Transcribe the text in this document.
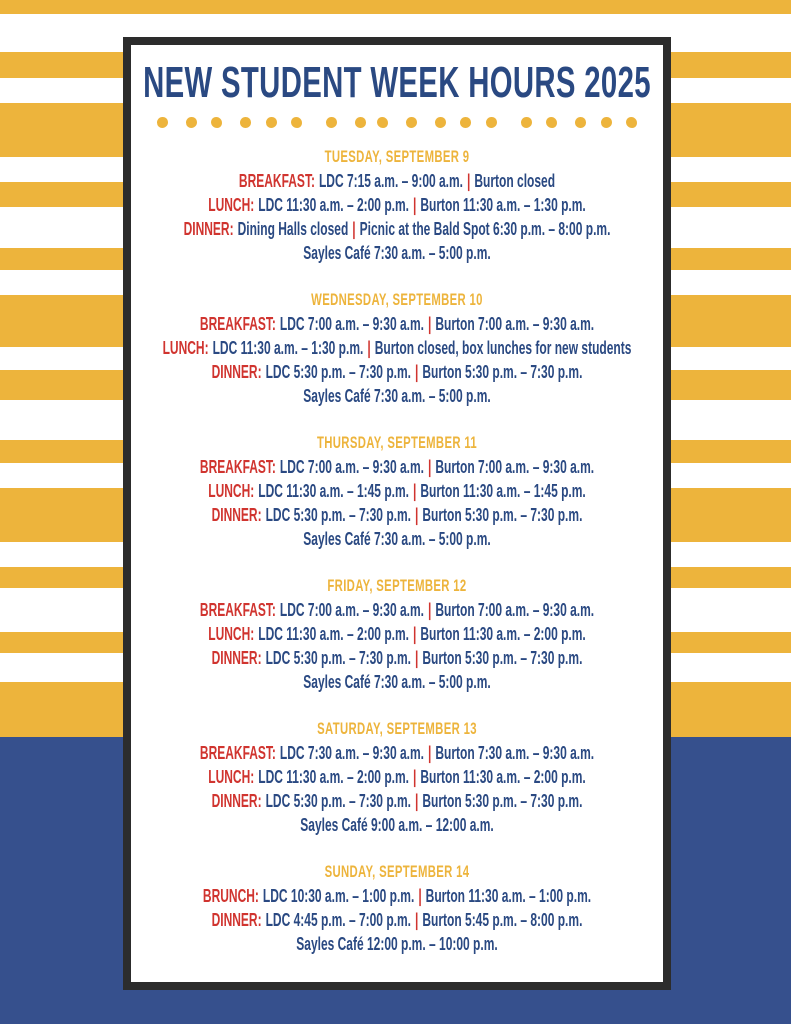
NEW STUDENT WEEK HOURS 2025
TUESDAY, SEPTEMBER 9
BREAKFAST: LDC 7:15 a.m. – 9:00 a.m. | Burton closed
LUNCH: LDC 11:30 a.m. – 2:00 p.m. | Burton 11:30 a.m. – 1:30 p.m.
DINNER: Dining Halls closed | Picnic at the Bald Spot 6:30 p.m. – 8:00 p.m.
Sayles Café 7:30 a.m. – 5:00 p.m.
WEDNESDAY, SEPTEMBER 10
BREAKFAST: LDC 7:00 a.m. – 9:30 a.m. | Burton 7:00 a.m. – 9:30 a.m.
LUNCH: LDC 11:30 a.m. – 1:30 p.m. | Burton closed, box lunches for new students
DINNER: LDC 5:30 p.m. – 7:30 p.m. | Burton 5:30 p.m. – 7:30 p.m.
Sayles Café 7:30 a.m. – 5:00 p.m.
THURSDAY, SEPTEMBER 11
BREAKFAST: LDC 7:00 a.m. – 9:30 a.m. | Burton 7:00 a.m. – 9:30 a.m.
LUNCH: LDC 11:30 a.m. – 1:45 p.m. | Burton 11:30 a.m. – 1:45 p.m.
DINNER: LDC 5:30 p.m. – 7:30 p.m. | Burton 5:30 p.m. – 7:30 p.m.
Sayles Café 7:30 a.m. – 5:00 p.m.
FRIDAY, SEPTEMBER 12
BREAKFAST: LDC 7:00 a.m. – 9:30 a.m. | Burton 7:00 a.m. – 9:30 a.m.
LUNCH: LDC 11:30 a.m. – 2:00 p.m. | Burton 11:30 a.m. – 2:00 p.m.
DINNER: LDC 5:30 p.m. – 7:30 p.m. | Burton 5:30 p.m. – 7:30 p.m.
Sayles Café 7:30 a.m. – 5:00 p.m.
SATURDAY, SEPTEMBER 13
BREAKFAST: LDC 7:30 a.m. – 9:30 a.m. | Burton 7:30 a.m. – 9:30 a.m.
LUNCH: LDC 11:30 a.m. – 2:00 p.m. | Burton 11:30 a.m. – 2:00 p.m.
DINNER: LDC 5:30 p.m. – 7:30 p.m. | Burton 5:30 p.m. – 7:30 p.m.
Sayles Café 9:00 a.m. – 12:00 a.m.
SUNDAY, SEPTEMBER 14
BRUNCH: LDC 10:30 a.m. – 1:00 p.m. | Burton 11:30 a.m. – 1:00 p.m.
DINNER: LDC 4:45 p.m. – 7:00 p.m. | Burton 5:45 p.m. – 8:00 p.m.
Sayles Café 12:00 p.m. – 10:00 p.m.
